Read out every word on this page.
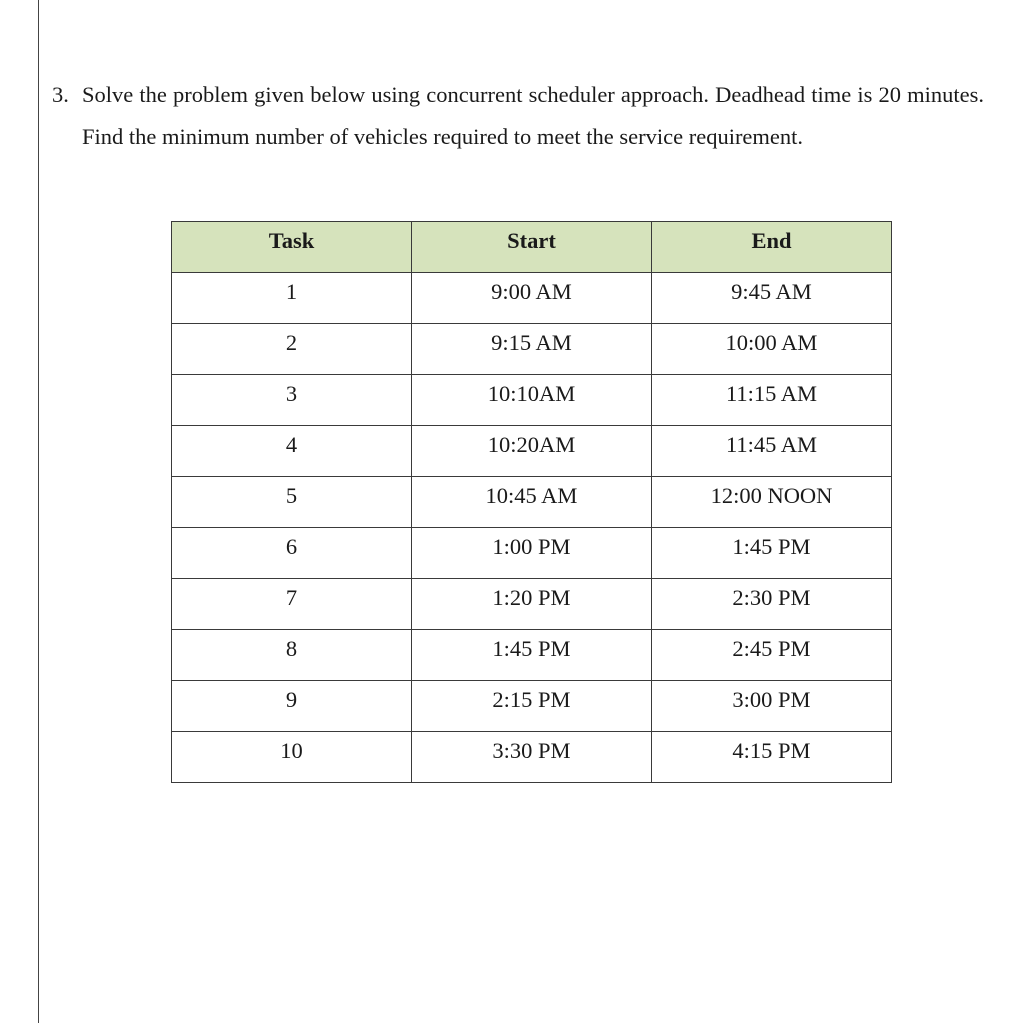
3. Solve the problem given below using concurrent scheduler approach. Deadhead time is 20 minutes. Find the minimum number of vehicles required to meet the service requirement.
Task	Start	End
1	9:00 AM	9:45 AM
2	9:15 AM	10:00 AM
3	10:10AM	11:15 AM
4	10:20AM	11:45 AM
5	10:45 AM	12:00 NOON
6	1:00 PM	1:45 PM
7	1:20 PM	2:30 PM
8	1:45 PM	2:45 PM
9	2:15 PM	3:00 PM
10	3:30 PM	4:15 PM
